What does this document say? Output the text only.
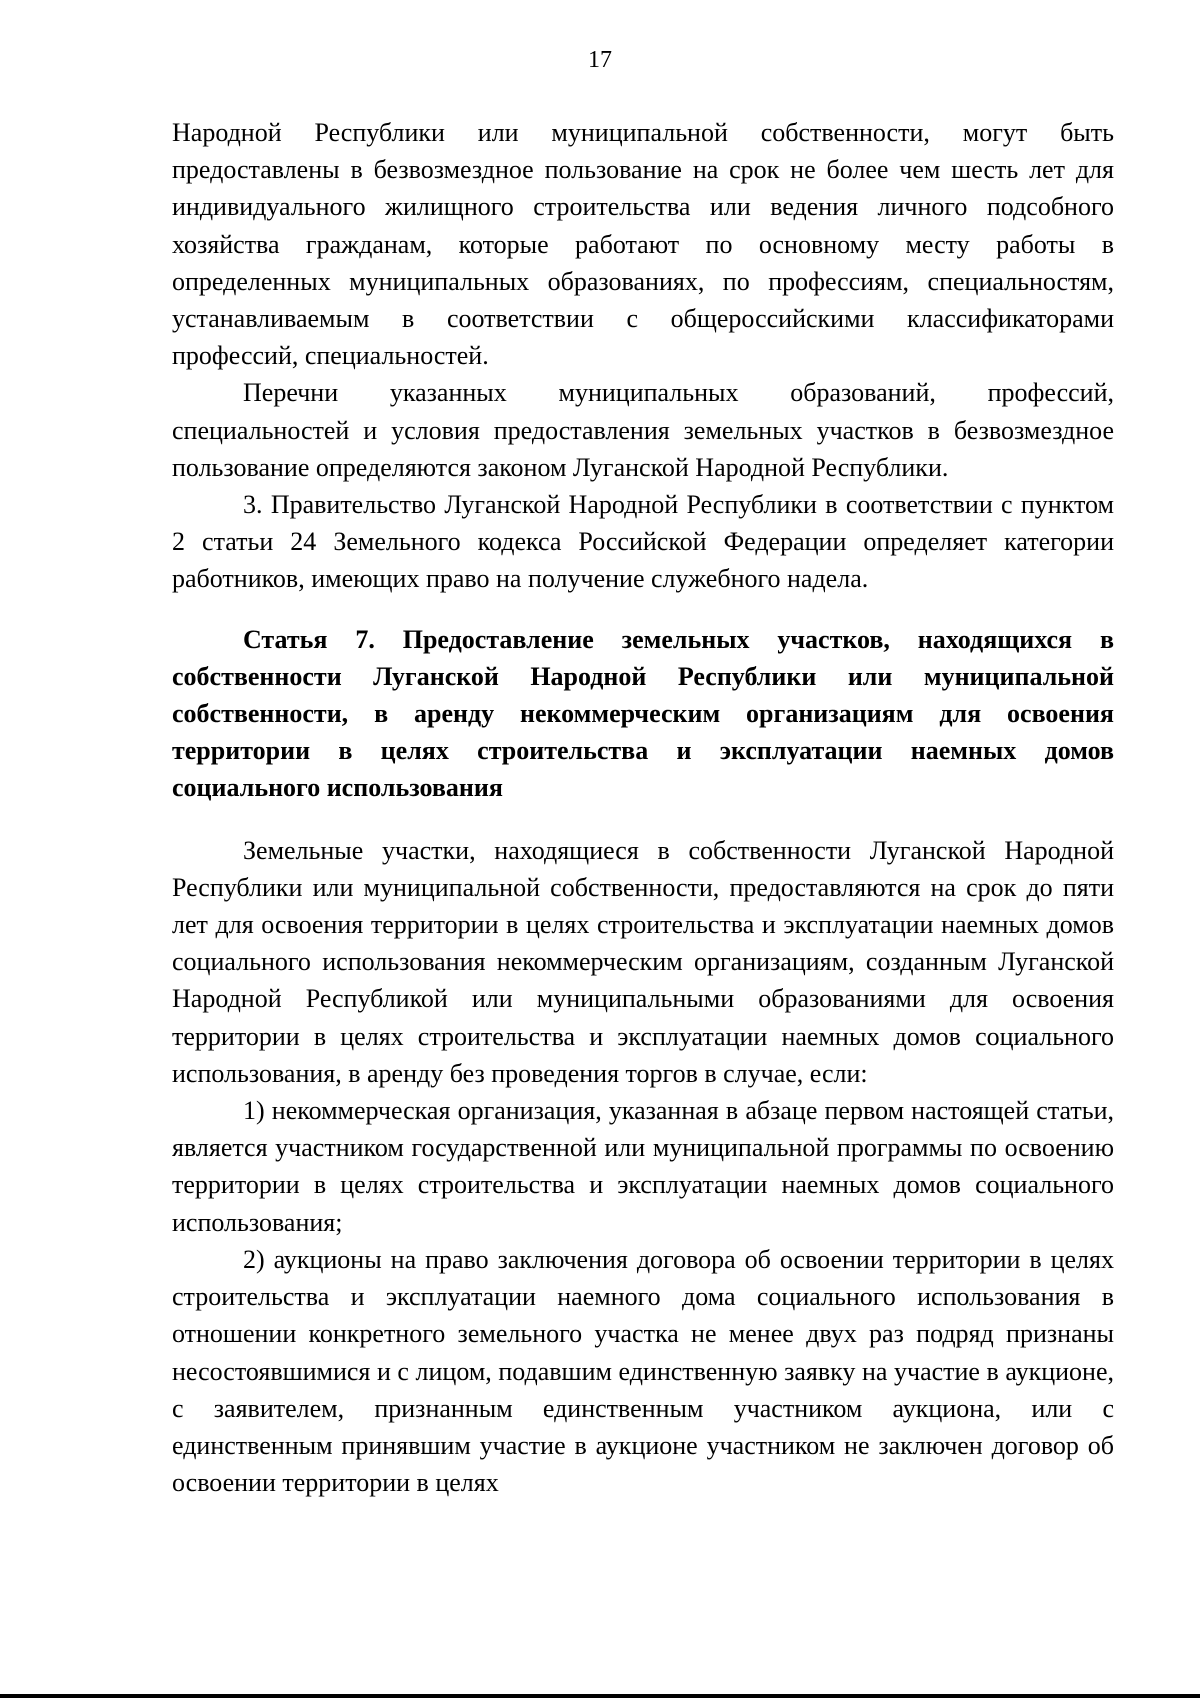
17

Народной Республики или муниципальной собственности, могут быть предоставлены в безвозмездное пользование на срок не более чем шесть лет для индивидуального жилищного строительства или ведения личного подсобного хозяйства гражданам, которые работают по основному месту работы в определенных муниципальных образованиях, по профессиям, специальностям, устанавливаемым в соответствии с общероссийскими классификаторами профессий, специальностей.

Перечни указанных муниципальных образований, профессий, специальностей и условия предоставления земельных участков в безвозмездное пользование определяются законом Луганской Народной Республики.

3. Правительство Луганской Народной Республики в соответствии с пунктом 2 статьи 24 Земельного кодекса Российской Федерации определяет категории работников, имеющих право на получение служебного надела.

Статья 7. Предоставление земельных участков, находящихся в собственности Луганской Народной Республики или муниципальной собственности, в аренду некоммерческим организациям для освоения территории в целях строительства и эксплуатации наемных домов социального использования

Земельные участки, находящиеся в собственности Луганской Народной Республики или муниципальной собственности, предоставляются на срок до пяти лет для освоения территории в целях строительства и эксплуатации наемных домов социального использования некоммерческим организациям, созданным Луганской Народной Республикой или муниципальными образованиями для освоения территории в целях строительства и эксплуатации наемных домов социального использования, в аренду без проведения торгов в случае, если:

1) некоммерческая организация, указанная в абзаце первом настоящей статьи, является участником государственной или муниципальной программы по освоению территории в целях строительства и эксплуатации наемных домов социального использования;

2) аукционы на право заключения договора об освоении территории в целях строительства и эксплуатации наемного дома социального использования в отношении конкретного земельного участка не менее двух раз подряд признаны несостоявшимися и с лицом, подавшим единственную заявку на участие в аукционе, с заявителем, признанным единственным участником аукциона, или с единственным принявшим участие в аукционе участником не заключен договор об освоении территории в целях
